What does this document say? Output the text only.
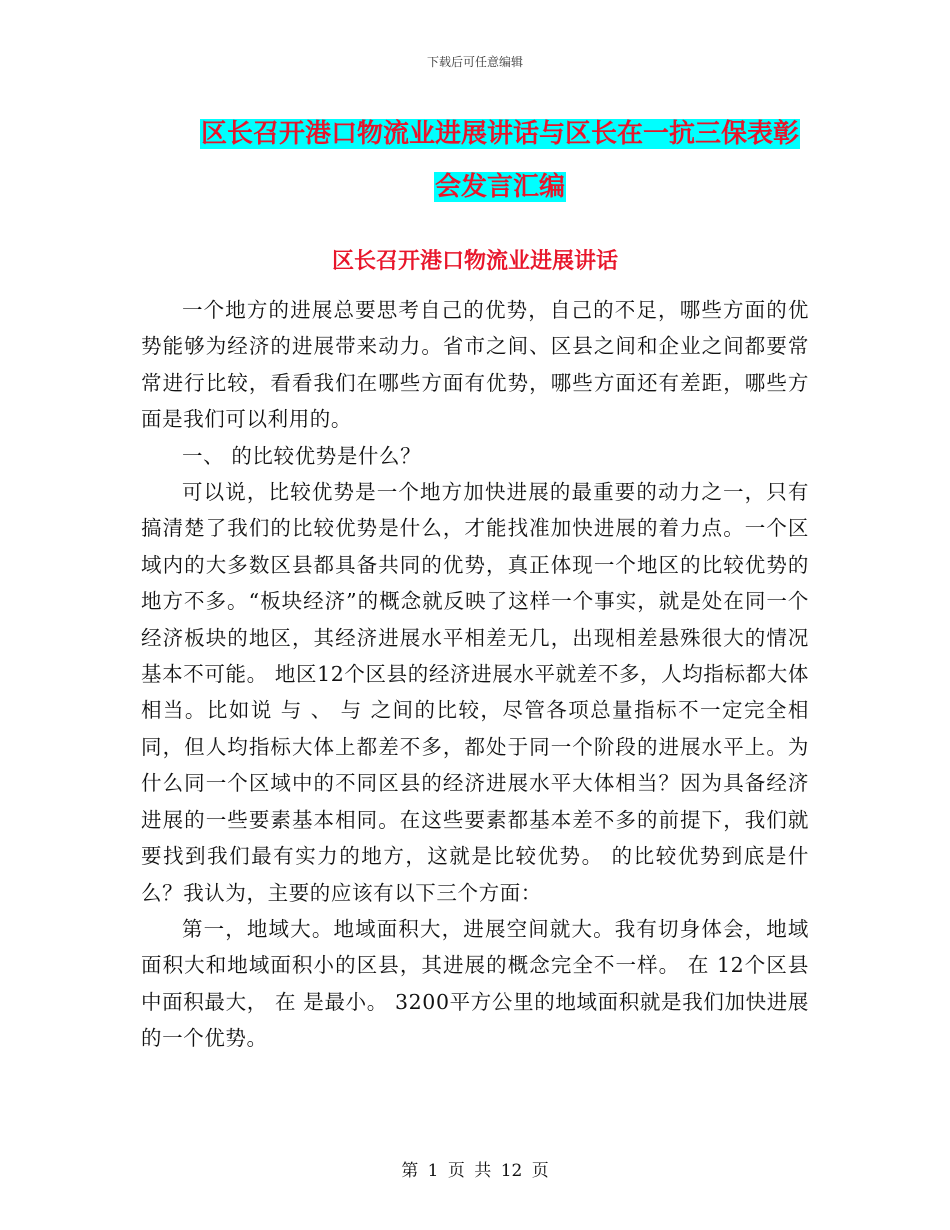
下载后可任意编辑
区长召开港口物流业进展讲话与区长在一抗三保表彰
会发言汇编
区长召开港口物流业进展讲话

一个地方的进展总要思考自己的优势，自己的不足，哪些方面的优势能够为经济的进展带来动力。省市之间、区县之间和企业之间都要常常进行比较，看看我们在哪些方面有优势，哪些方面还有差距，哪些方面是我们可以利用的。

一、 的比较优势是什么？

可以说，比较优势是一个地方加快进展的最重要的动力之一，只有搞清楚了我们的比较优势是什么，才能找准加快进展的着力点。一个区域内的大多数区县都具备共同的优势，真正体现一个地区的比较优势的地方不多。“板块经济”的概念就反映了这样一个事实，就是处在同一个经济板块的地区，其经济进展水平相差无几，出现相差悬殊很大的情况基本不可能。 地区12个区县的经济进展水平就差不多，人均指标都大体相当。比如说 与 、 与 之间的比较，尽管各项总量指标不一定完全相同，但人均指标大体上都差不多，都处于同一个阶段的进展水平上。为什么同一个区域中的不同区县的经济进展水平大体相当？因为具备经济进展的一些要素基本相同。在这些要素都基本差不多的前提下，我们就要找到我们最有实力的地方，这就是比较优势。 的比较优势到底是什么？我认为，主要的应该有以下三个方面：

第一，地域大。地域面积大，进展空间就大。我有切身体会，地域面积大和地域面积小的区县，其进展的概念完全不一样。 在 12个区县中面积最大， 在 是最小。 3200平方公里的地域面积就是我们加快进展的一个优势。

第 1 页 共 12 页
